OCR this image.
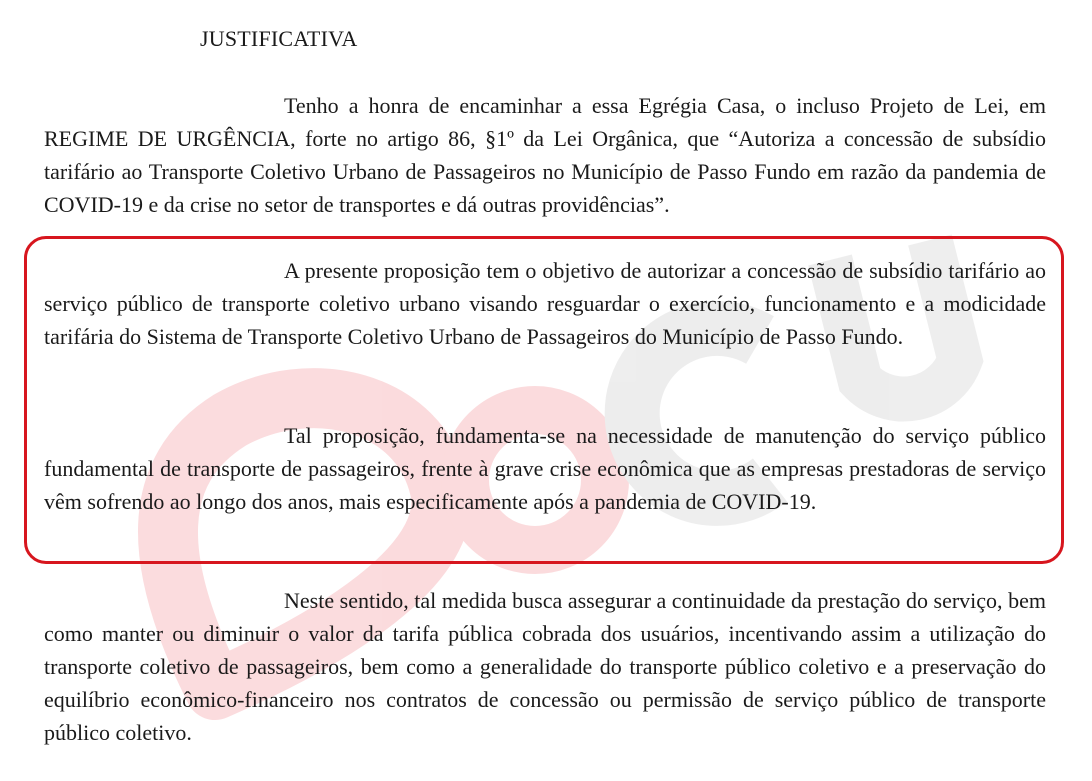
JUSTIFICATIVA

Tenho a honra de encaminhar a essa Egrégia Casa, o incluso Projeto de Lei, em REGIME DE URGÊNCIA, forte no artigo 86, §1º da Lei Orgânica, que “Autoriza a concessão de subsídio tarifário ao Transporte Coletivo Urbano de Passageiros no Município de Passo Fundo em razão da pandemia de COVID-19 e da crise no setor de transportes e dá outras providências”.

A presente proposição tem o objetivo de autorizar a concessão de subsídio tarifário ao serviço público de transporte coletivo urbano visando resguardar o exercício, funcionamento e a modicidade tarifária do Sistema de Transporte Coletivo Urbano de Passageiros do Município de Passo Fundo.

Tal proposição, fundamenta-se na necessidade de manutenção do serviço público fundamental de transporte de passageiros, frente à grave crise econômica que as empresas prestadoras de serviço vêm sofrendo ao longo dos anos, mais especificamente após a pandemia de COVID-19.

Neste sentido, tal medida busca assegurar a continuidade da prestação do serviço, bem como manter ou diminuir o valor da tarifa pública cobrada dos usuários, incentivando assim a utilização do transporte coletivo de passageiros, bem como a generalidade do transporte público coletivo e a preservação do equilíbrio econômico-financeiro nos contratos de concessão ou permissão de serviço público de transporte público coletivo.
